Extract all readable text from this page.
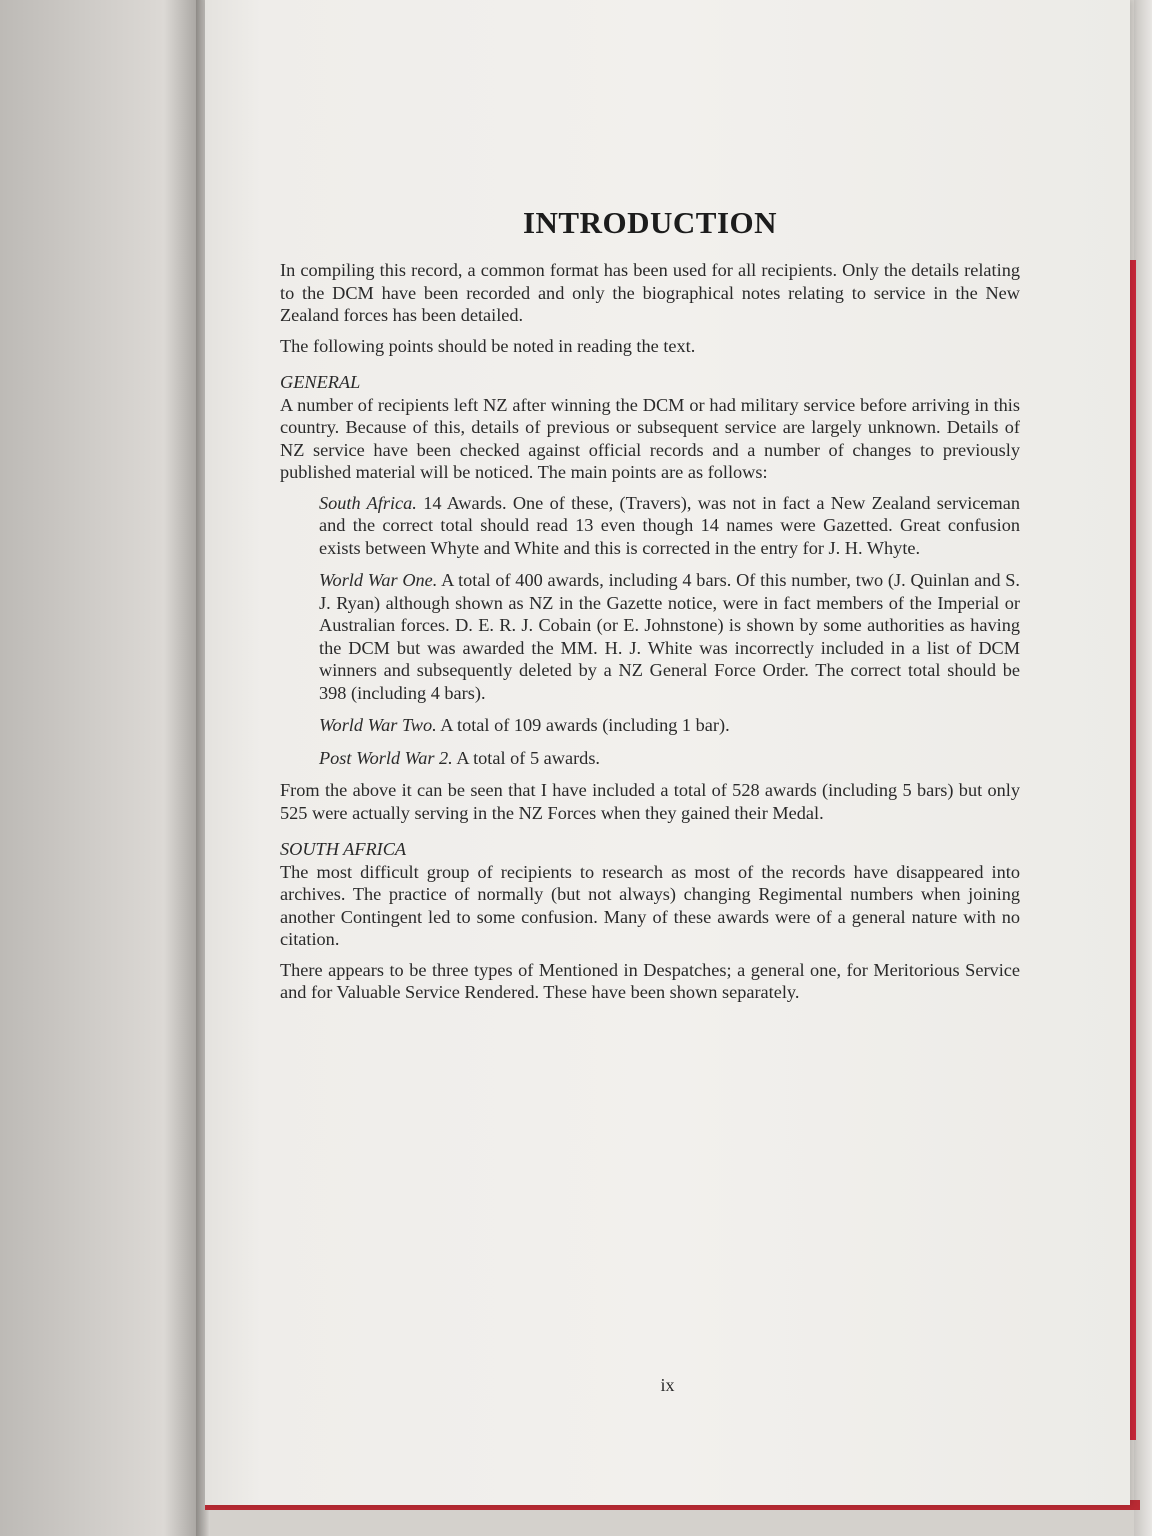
INTRODUCTION

In compiling this record, a common format has been used for all recipients. Only the details relating to the DCM have been recorded and only the biographical notes relating to service in the New Zealand forces has been detailed.

The following points should be noted in reading the text.

GENERAL

A number of recipients left NZ after winning the DCM or had military service before arriving in this country. Because of this, details of previous or subsequent service are largely unknown. Details of NZ service have been checked against official records and a number of changes to previously published material will be noticed. The main points are as follows:

South Africa. 14 Awards. One of these, (Travers), was not in fact a New Zealand serviceman and the correct total should read 13 even though 14 names were Gazetted. Great confusion exists between Whyte and White and this is corrected in the entry for J. H. Whyte.

World War One. A total of 400 awards, including 4 bars. Of this number, two (J. Quinlan and S. J. Ryan) although shown as NZ in the Gazette notice, were in fact members of the Imperial or Australian forces. D. E. R. J. Cobain (or E. Johnstone) is shown by some authorities as having the DCM but was awarded the MM. H. J. White was incorrectly included in a list of DCM winners and subsequently deleted by a NZ General Force Order. The correct total should be 398 (including 4 bars).

World War Two. A total of 109 awards (including 1 bar).

Post World War 2. A total of 5 awards.

From the above it can be seen that I have included a total of 528 awards (including 5 bars) but only 525 were actually serving in the NZ Forces when they gained their Medal.

SOUTH AFRICA

The most difficult group of recipients to research as most of the records have disappeared into archives. The practice of normally (but not always) changing Regimental numbers when joining another Contingent led to some confusion. Many of these awards were of a general nature with no citation.

There appears to be three types of Mentioned in Despatches; a general one, for Meritorious Service and for Valuable Service Rendered. These have been shown separately.

ix
